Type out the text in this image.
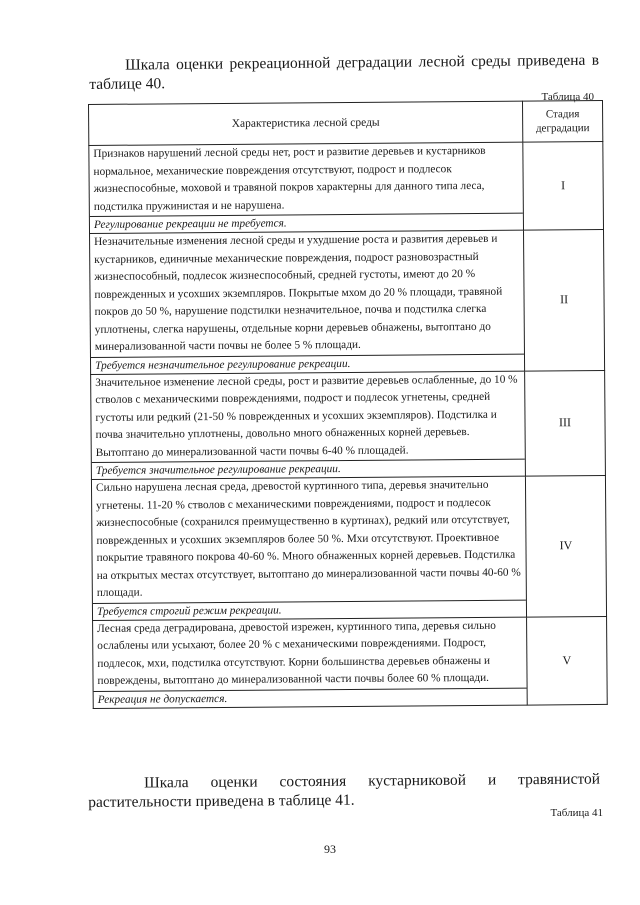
Шкала оценки рекреационной деградации лесной среды приведена в таблице 40.
Таблица 40
Характеристика лесной среды	Стадия деградации

Признаков нарушений лесной среды нет, рост и развитие деревьев и кустарников нормальное, механические повреждения отсутствуют, подрост и подлесок жизнеспособные, моховой и травяной покров характерны для данного типа леса, подстилка пружинистая и не нарушена.
Регулирование рекреации не требуется.	I

Незначительные изменения лесной среды и ухудшение роста и развития деревьев и кустарников, единичные механические повреждения, подрост разновозрастный жизнеспособный, подлесок жизнеспособный, средней густоты, имеют до 20 % поврежденных и усохших экземпляров. Покрытые мхом до 20 % площади, травяной покров до 50 %, нарушение подстилки незначительное, почва и подстилка слегка уплотнены, слегка нарушены, отдельные корни деревьев обнажены, вытоптано до минерализованной части почвы не более 5 % площади.
Требуется незначительное регулирование рекреации.	II

Значительное изменение лесной среды, рост и развитие деревьев ослабленные, до 10 % стволов с механическими повреждениями, подрост и подлесок угнетены, средней густоты или редкий (21-50 % поврежденных и усохших экземпляров). Подстилка и почва значительно уплотнены, довольно много обнаженных корней деревьев. Вытоптано до минерализованной части почвы 6-40 % площадей.
Требуется значительное регулирование рекреации.	III

Сильно нарушена лесная среда, древостой куртинного типа, деревья значительно угнетены. 11-20 % стволов с механическими повреждениями, подрост и подлесок жизнеспособные (сохранился преимущественно в куртинах), редкий или отсутствует, поврежденных и усохших экземпляров более 50 %. Мхи отсутствуют. Проективное покрытие травяного покрова 40-60 %. Много обнаженных корней деревьев. Подстилка на открытых местах отсутствует, вытоптано до минерализованной части почвы 40-60 % площади.
Требуется строгий режим рекреации.	IV

Лесная среда деградирована, древостой изрежен, куртинного типа, деревья сильно ослаблены или усыхают, более 20 % с механическими повреждениями. Подрост, подлесок, мхи, подстилка отсутствуют. Корни большинства деревьев обнажены и повреждены, вытоптано до минерализованной части почвы более 60 % площади.
Рекреация не допускается.	V
Шкала оценки состояния кустарниковой и травянистой растительности приведена в таблице 41.
Таблица 41
93
